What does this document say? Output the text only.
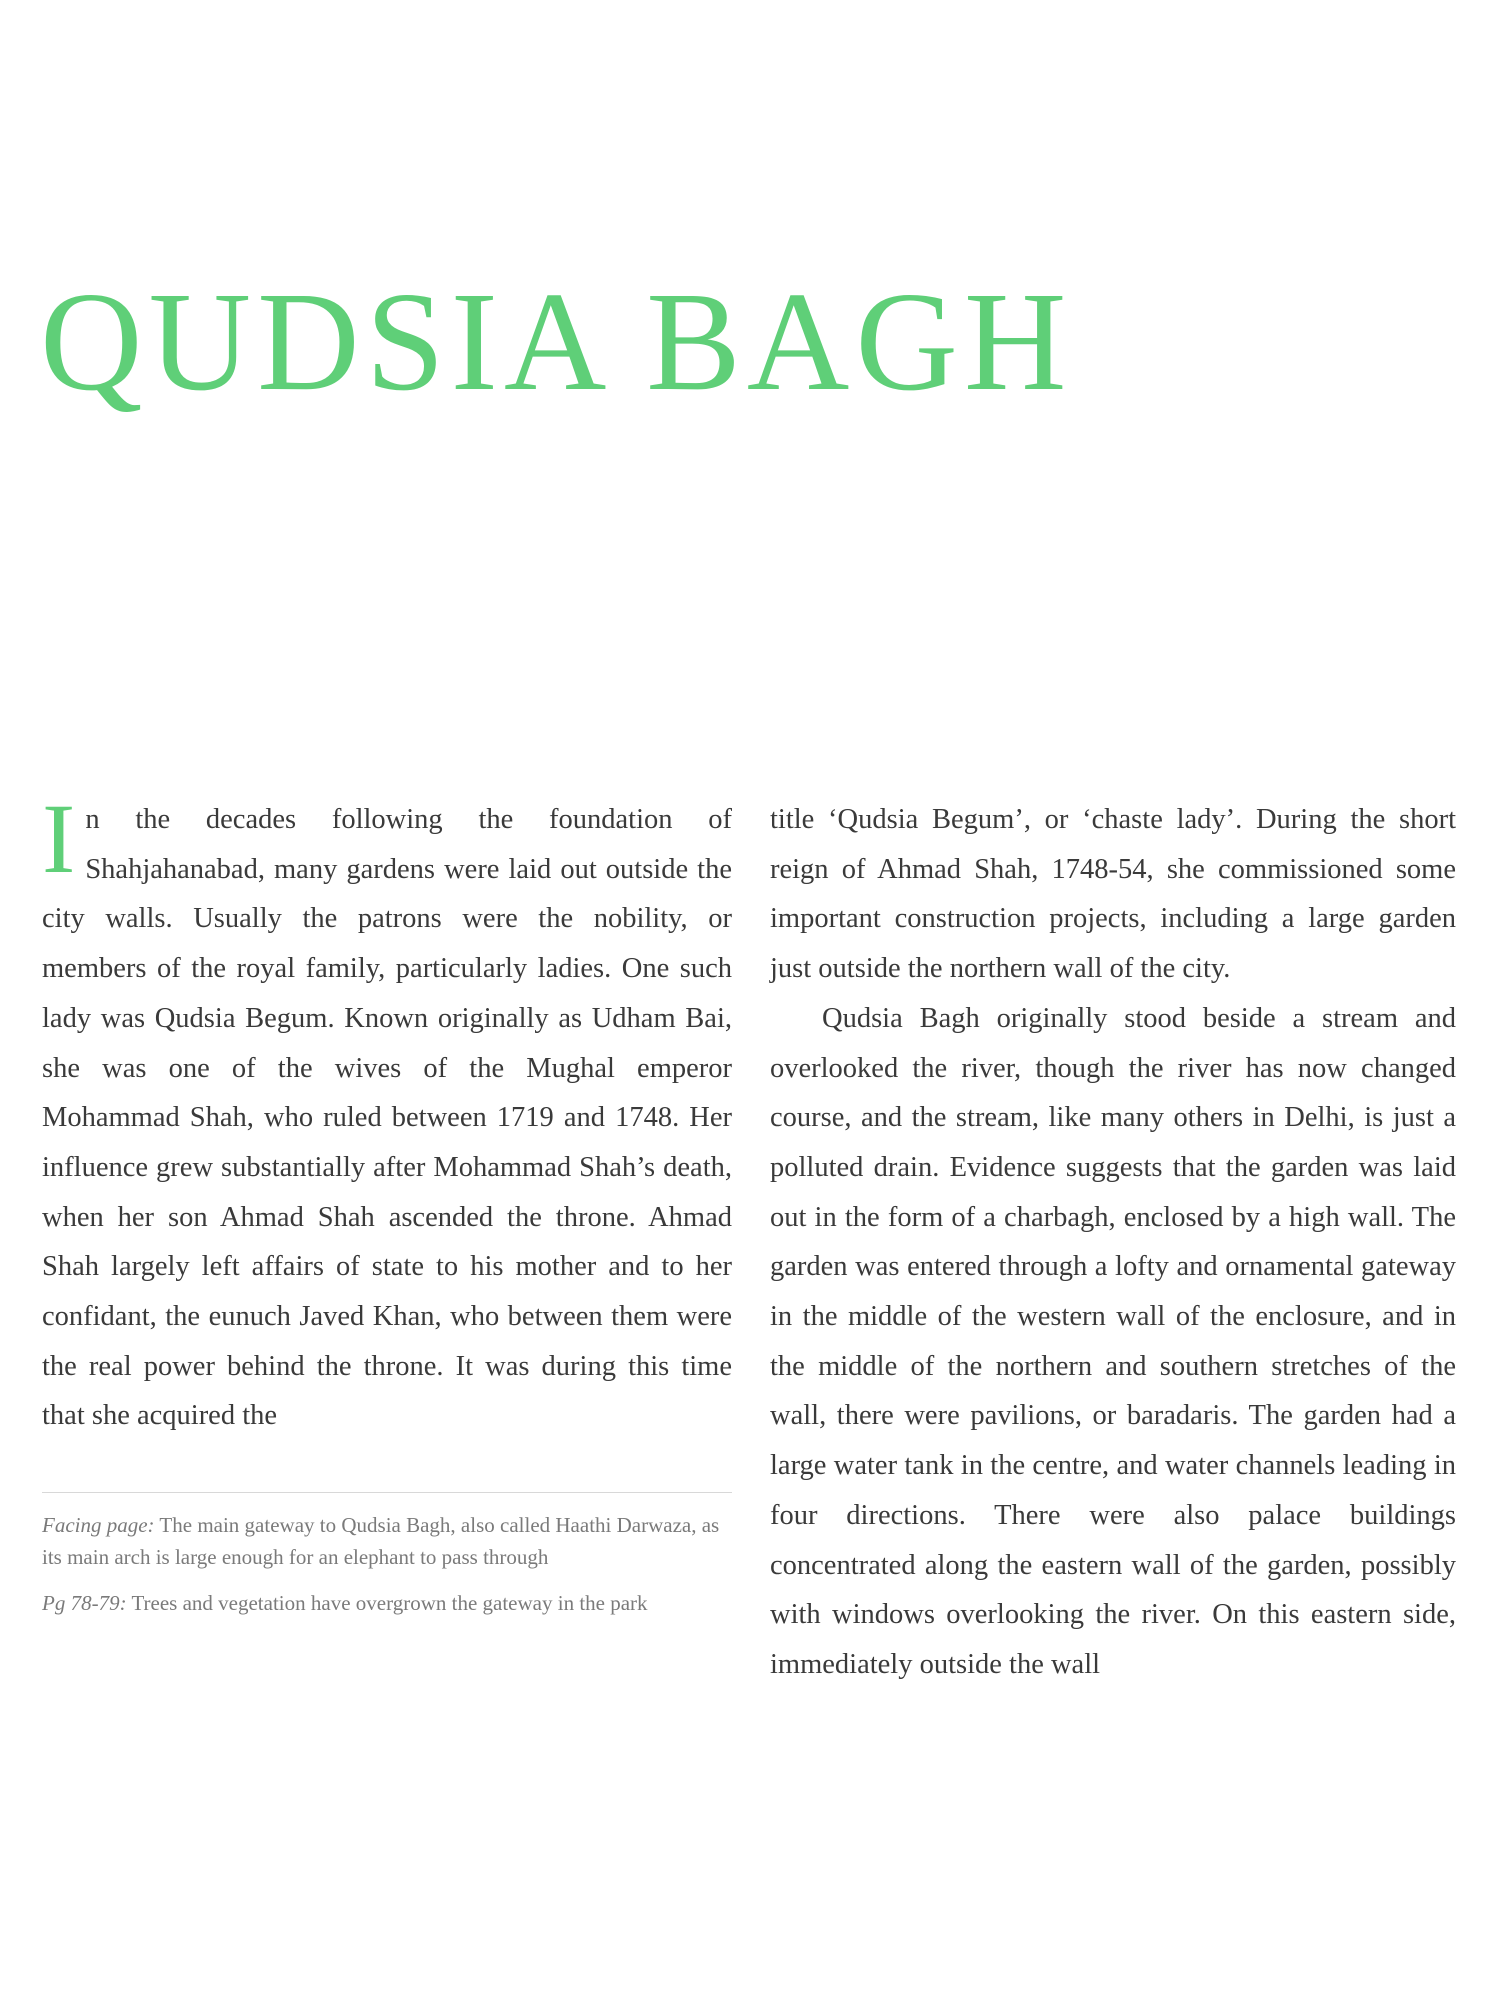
QUDSIA BAGH

In the decades following the foundation of Shahjahanabad, many gardens were laid out outside the city walls. Usually the patrons were the nobility, or members of the royal family, particularly ladies. One such lady was Qudsia Begum. Known originally as Udham Bai, she was one of the wives of the Mughal emperor Mohammad Shah, who ruled between 1719 and 1748. Her influence grew substantially after Mohammad Shah’s death, when her son Ahmad Shah ascended the throne. Ahmad Shah largely left affairs of state to his mother and to her confidant, the eunuch Javed Khan, who between them were the real power behind the throne. It was during this time that she acquired the

Facing page: The main gateway to Qudsia Bagh, also called Haathi Darwaza, as its main arch is large enough for an elephant to pass through

Pg 78-79: Trees and vegetation have overgrown the gateway in the park

title ‘Qudsia Begum’, or ‘chaste lady’. During the short reign of Ahmad Shah, 1748-54, she commissioned some important construction projects, including a large garden just outside the northern wall of the city.

Qudsia Bagh originally stood beside a stream and overlooked the river, though the river has now changed course, and the stream, like many others in Delhi, is just a polluted drain. Evidence suggests that the garden was laid out in the form of a charbagh, enclosed by a high wall. The garden was entered through a lofty and ornamental gateway in the middle of the western wall of the enclosure, and in the middle of the northern and southern stretches of the wall, there were pavilions, or baradaris. The garden had a large water tank in the centre, and water channels leading in four directions. There were also palace buildings concentrated along the eastern wall of the garden, possibly with windows overlooking the river. On this eastern side, immediately outside the wall
